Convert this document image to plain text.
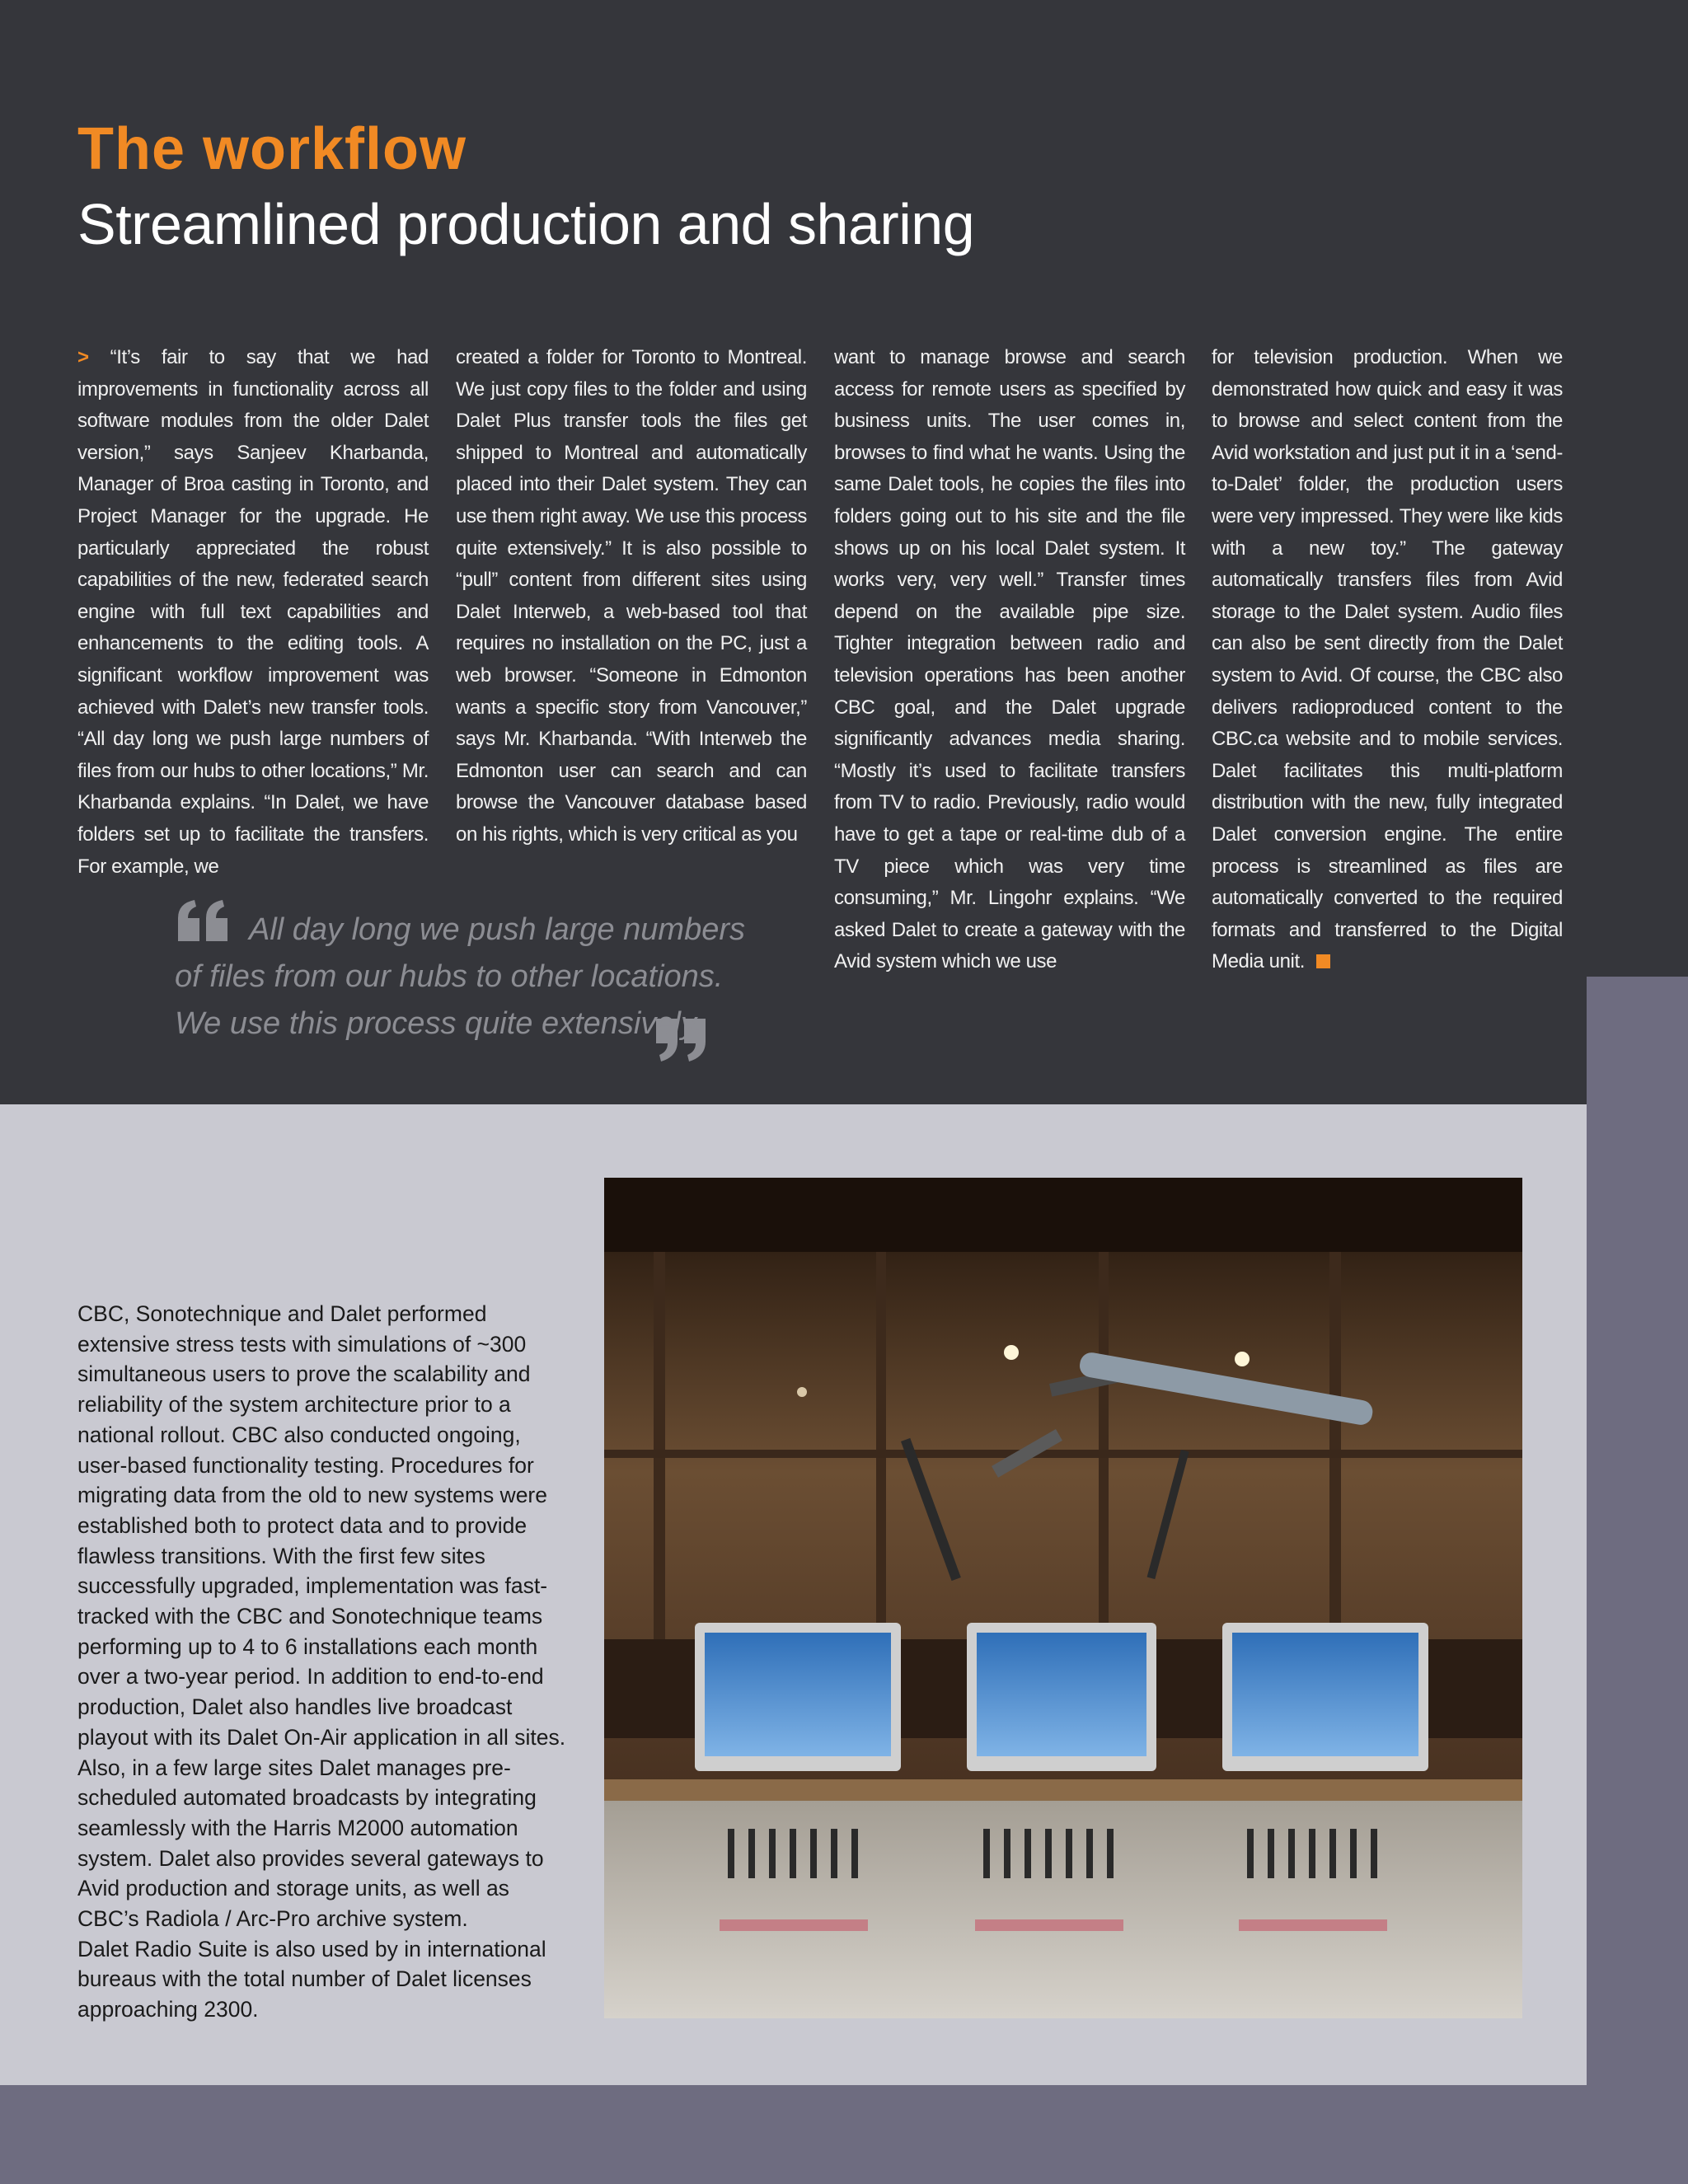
The workflow
Streamlined production and sharing

> “It’s fair to say that we had improvements in functionality across all software modules from the older Dalet version,” says Sanjeev Kharbanda, Manager of Broa casting in Toronto, and Project Manager for the upgrade. He particularly appreciated the robust capabilities of the new, federated search engine with full text capabilities and enhancements to the editing tools. A significant workflow improvement was achieved with Dalet’s new transfer tools. “All day long we push large numbers of files from our hubs to other locations,” Mr. Kharbanda explains. “In Dalet, we have folders set up to facilitate the transfers. For example, we

created a folder for Toronto to Montreal. We just copy files to the folder and using Dalet Plus transfer tools the files get shipped to Montreal and automatically placed into their Dalet system. They can use them right away. We use this process quite extensively.” It is also possible to “pull” content from different sites using Dalet Interweb, a web-based tool that requires no installation on the PC, just a web browser. “Someone in Edmonton wants a specific story from Vancouver,” says Mr. Kharbanda. “With Interweb the Edmonton user can search and can browse the Vancouver database based on his rights, which is very critical as you

want to manage browse and search access for remote users as specified by business units. The user comes in, browses to find what he wants. Using the same Dalet tools, he copies the files into folders going out to his site and the file shows up on his local Dalet system. It works very, very well.” Transfer times depend on the available pipe size. Tighter integration between radio and television operations has been another CBC goal, and the Dalet upgrade significantly advances media sharing. “Mostly it’s used to facilitate transfers from TV to radio. Previously, radio would have to get a tape or real-time dub of a TV piece which was very time consuming,” Mr. Lingohr explains. “We asked Dalet to create a gateway with the Avid system which we use

for television production. When we demonstrated how quick and easy it was to browse and select content from the Avid workstation and just put it in a ‘send-to-Dalet’ folder, the production users were very impressed. They were like kids with a new toy.” The gateway automatically transfers files from Avid storage to the Dalet system. Audio files can also be sent directly from the Dalet system to Avid. Of course, the CBC also delivers radioproduced content to the CBC.ca website and to mobile services. Dalet facilitates this multi-platform distribution with the new, fully integrated Dalet conversion engine. The entire process is streamlined as files are automatically converted to the required formats and transferred to the Digital Media unit.

All day long we push large numbers
of files from our hubs to other locations.
We use this process quite extensively.
CBC, Sonotechnique and Dalet performed extensive stress tests with simulations of ~300 simultaneous users to prove the scalability and reliability of the system architecture prior to a national rollout. CBC also conducted ongoing, user-based functionality testing. Procedures for migrating data from the old to new systems were established both to protect data and to provide flawless transitions. With the first few sites successfully upgraded, implementation was fast-tracked with the CBC and Sonotechnique teams performing up to 4 to 6 installations each month over a two-year period. In addition to end-to-end production, Dalet also handles live broadcast playout with its Dalet On-Air application in all sites. Also, in a few large sites Dalet manages pre-scheduled automated broadcasts by integrating seamlessly with the Harris M2000 automation system. Dalet also provides several gateways to Avid production and storage units, as well as CBC’s Radiola / Arc-Pro archive system.
Dalet Radio Suite is also used by in international bureaus with the total number of Dalet licenses approaching 2300.
